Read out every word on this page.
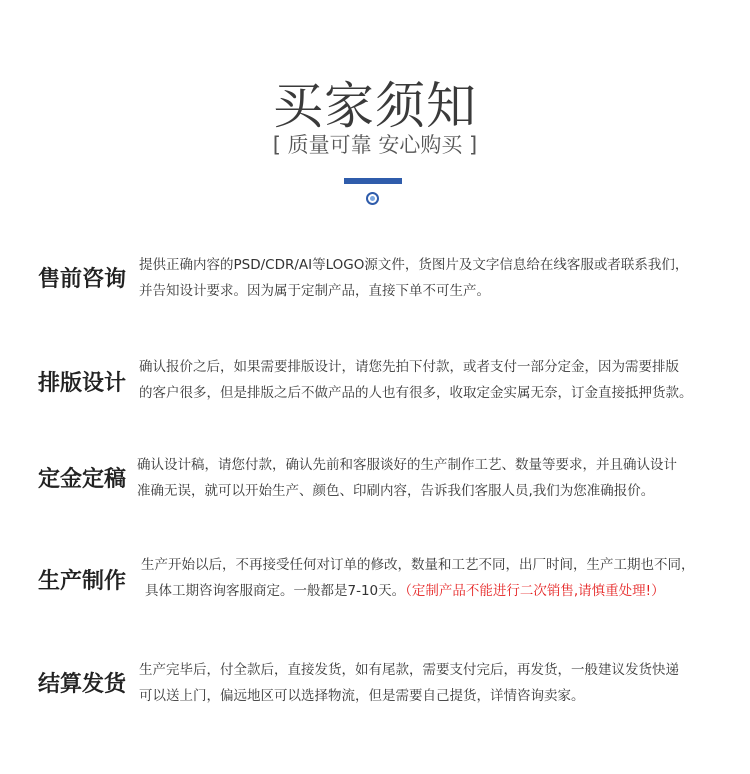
买家须知
[ 质量可靠 安心购买 ]
售前咨询
提供正确内容的PSD/CDR/AI等LOGO源文件，货图片及文字信息给在线客服或者联系我们，
并告知设计要求。因为属于定制产品，直接下单不可生产。
排版设计
确认报价之后，如果需要排版设计，请您先拍下付款，或者支付一部分定金，因为需要排版
的客户很多，但是排版之后不做产品的人也有很多，收取定金实属无奈，订金直接抵押货款。
定金定稿
确认设计稿，请您付款，确认先前和客服谈好的生产制作工艺、数量等要求，并且确认设计
准确无误，就可以开始生产、颜色、印刷内容，告诉我们客服人员,我们为您准确报价。
生产制作
生产开始以后，不再接受任何对订单的修改，数量和工艺不同，出厂时间，生产工期也不同，
具体工期咨询客服商定。一般都是7-10天。（定制产品不能进行二次销售,请慎重处理!）
结算发货
生产完毕后，付全款后，直接发货，如有尾款，需要支付完后，再发货，一般建议发货快递
可以送上门，偏远地区可以选择物流，但是需要自己提货，详情咨询卖家。
